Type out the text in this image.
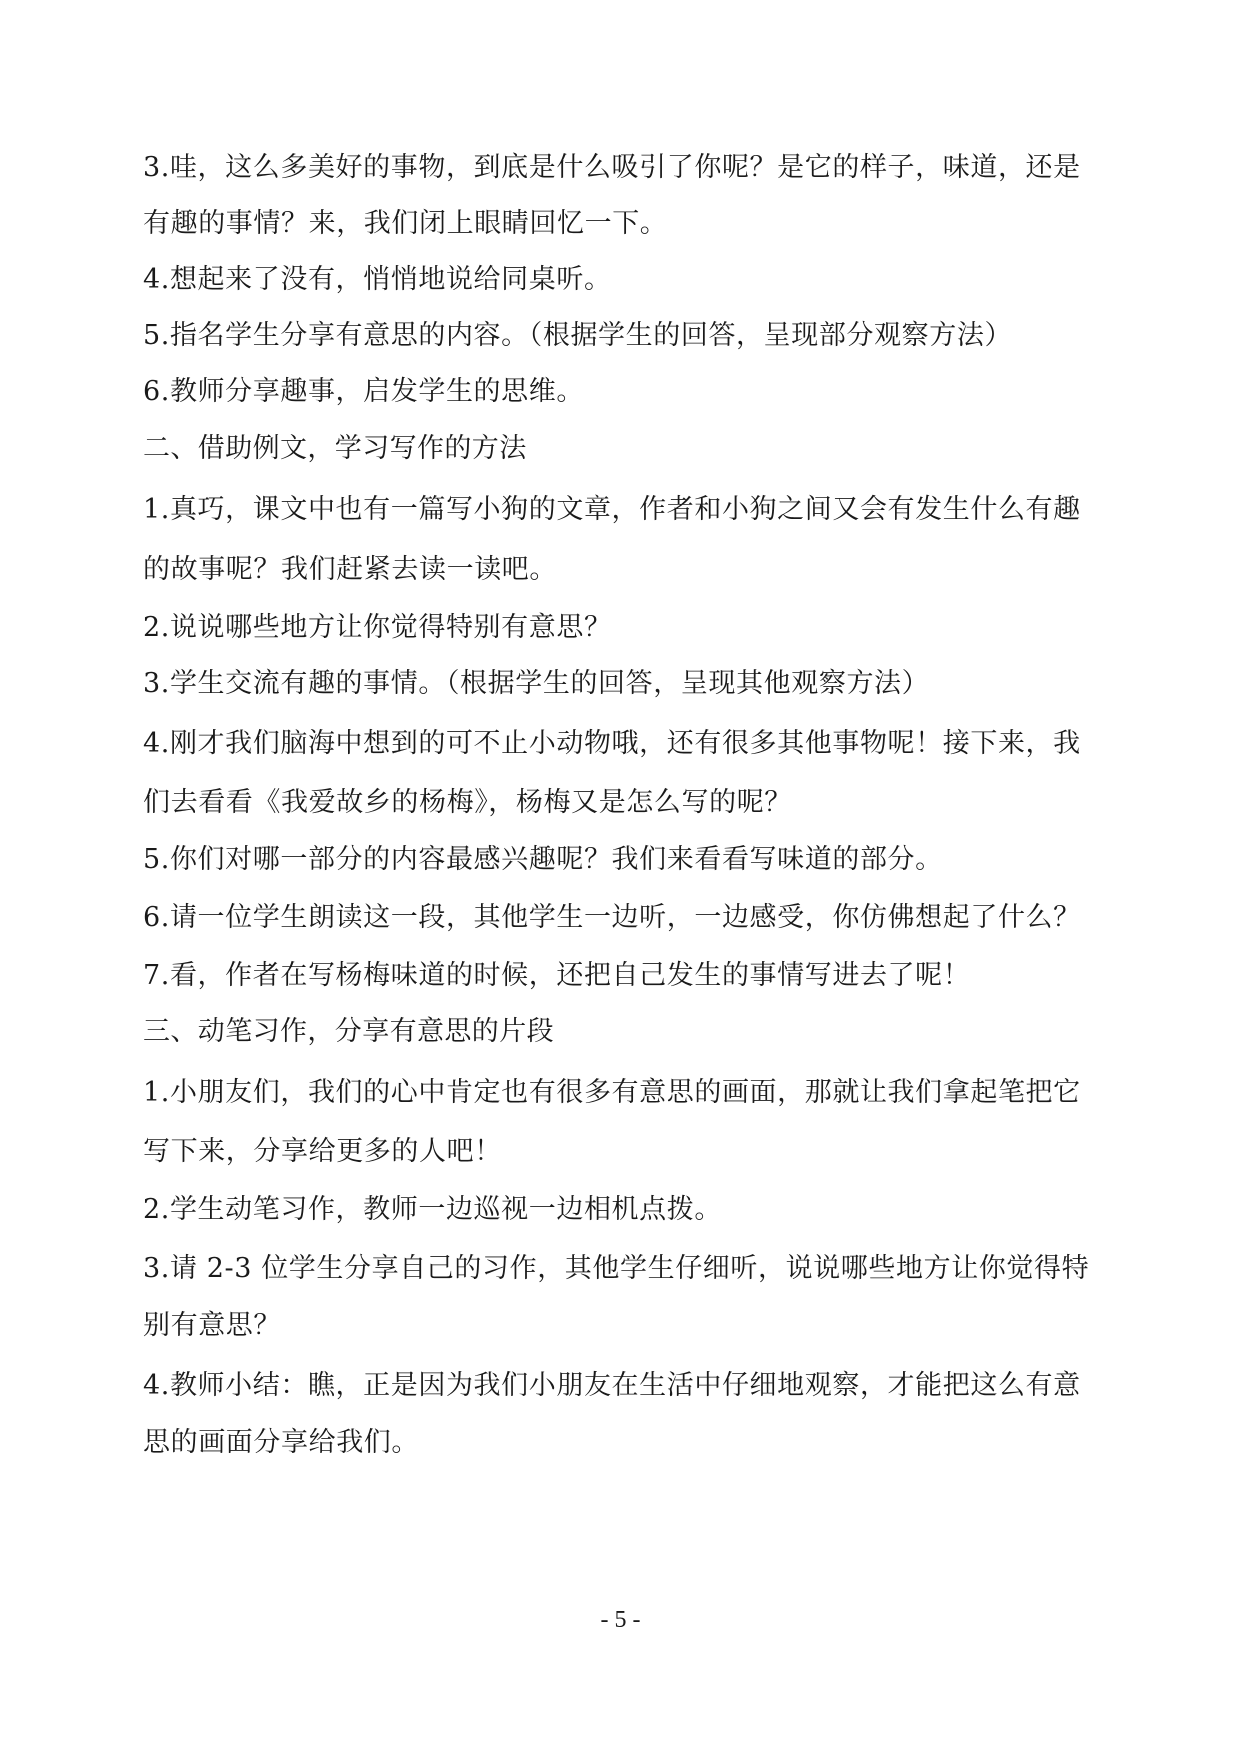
3.哇，这么多美好的事物，到底是什么吸引了你呢？是它的样子，味道，还是
有趣的事情？来，我们闭上眼睛回忆一下。
4.想起来了没有，悄悄地说给同桌听。
5.指名学生分享有意思的内容。（根据学生的回答，呈现部分观察方法）
6.教师分享趣事，启发学生的思维。
二、借助例文，学习写作的方法
1.真巧，课文中也有一篇写小狗的文章，作者和小狗之间又会有发生什么有趣
的故事呢？我们赶紧去读一读吧。
2.说说哪些地方让你觉得特别有意思？
3.学生交流有趣的事情。（根据学生的回答，呈现其他观察方法）
4.刚才我们脑海中想到的可不止小动物哦，还有很多其他事物呢！接下来，我
们去看看《我爱故乡的杨梅》，杨梅又是怎么写的呢？
5.你们对哪一部分的内容最感兴趣呢？我们来看看写味道的部分。
6.请一位学生朗读这一段，其他学生一边听，一边感受，你仿佛想起了什么？
7.看，作者在写杨梅味道的时候，还把自己发生的事情写进去了呢！
三、动笔习作，分享有意思的片段
1.小朋友们，我们的心中肯定也有很多有意思的画面，那就让我们拿起笔把它
写下来，分享给更多的人吧！
2.学生动笔习作，教师一边巡视一边相机点拨。
3.请 2-3 位学生分享自己的习作，其他学生仔细听，说说哪些地方让你觉得特
别有意思？
4.教师小结：瞧，正是因为我们小朋友在生活中仔细地观察，才能把这么有意
思的画面分享给我们。
- 5 -
